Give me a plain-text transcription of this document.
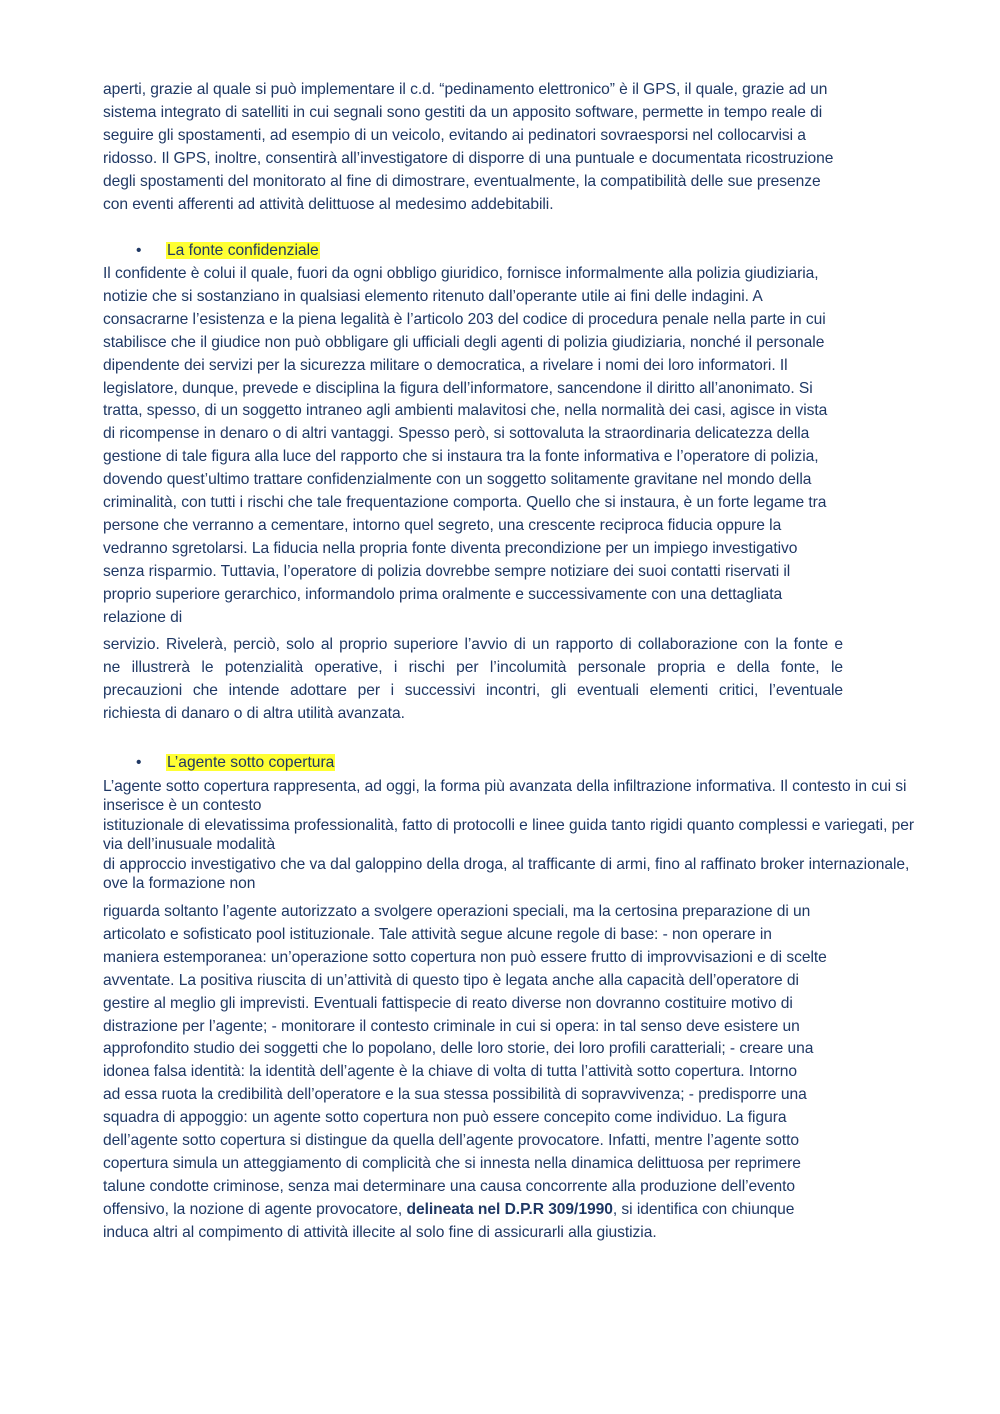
aperti, grazie al quale si può implementare il c.d. “pedinamento elettronico” è il GPS, il quale, grazie ad un
sistema integrato di satelliti in cui segnali sono gestiti da un apposito software, permette in tempo reale di
seguire gli spostamenti, ad esempio di un veicolo, evitando ai pedinatori sovraesporsi nel collocarvisi a
ridosso. Il GPS, inoltre, consentirà all’investigatore di disporre di una puntuale e documentata ricostruzione
degli spostamenti del monitorato al fine di dimostrare, eventualmente, la compatibilità delle sue presenze
con eventi afferenti ad attività delittuose al medesimo addebitabili.
• La fonte confidenziale
Il confidente è colui il quale, fuori da ogni obbligo giuridico, fornisce informalmente alla polizia giudiziaria,
notizie che si sostanziano in qualsiasi elemento ritenuto dall’operante utile ai fini delle indagini. A
consacrarne l’esistenza e la piena legalità è l’articolo 203 del codice di procedura penale nella parte in cui
stabilisce che il giudice non può obbligare gli ufficiali degli agenti di polizia giudiziaria, nonché il personale
dipendente dei servizi per la sicurezza militare o democratica, a rivelare i nomi dei loro informatori. Il
legislatore, dunque, prevede e disciplina la figura dell’informatore, sancendone il diritto all’anonimato. Si
tratta, spesso, di un soggetto intraneo agli ambienti malavitosi che, nella normalità dei casi, agisce in vista
di ricompense in denaro o di altri vantaggi. Spesso però, si sottovaluta la straordinaria delicatezza della
gestione di tale figura alla luce del rapporto che si instaura tra la fonte informativa e l’operatore di polizia,
dovendo quest’ultimo trattare confidenzialmente con un soggetto solitamente gravitane nel mondo della
criminalità, con tutti i rischi che tale frequentazione comporta. Quello che si instaura, è un forte legame tra
persone che verranno a cementare, intorno quel segreto, una crescente reciproca fiducia oppure la
vedranno sgretolarsi. La fiducia nella propria fonte diventa precondizione per un impiego investigativo
senza risparmio. Tuttavia, l’operatore di polizia dovrebbe sempre notiziare dei suoi contatti riservati il
proprio superiore gerarchico, informandolo prima oralmente e successivamente con una dettagliata
relazione di
servizio. Rivelerà, perciò, solo al proprio superiore l’avvio di un rapporto di collaborazione con la fonte e
ne illustrerà le potenzialità operative, i rischi per l’incolumità personale propria e della fonte, le
precauzioni che intende adottare per i successivi incontri, gli eventuali elementi critici, l’eventuale
richiesta di danaro o di altra utilità avanzata.
• L’agente sotto copertura
L’agente sotto copertura rappresenta, ad oggi, la forma più avanzata della infiltrazione informativa. Il contesto in cui si inserisce è un contesto
istituzionale di elevatissima professionalità, fatto di protocolli e linee guida tanto rigidi quanto complessi e variegati, per via dell’inusuale modalità
di approccio investigativo che va dal galoppino della droga, al trafficante di armi, fino al raffinato broker internazionale, ove la formazione non
riguarda soltanto l’agente autorizzato a svolgere operazioni speciali, ma la certosina preparazione di un
articolato e sofisticato pool istituzionale. Tale attività segue alcune regole di base: - non operare in
maniera estemporanea: un’operazione sotto copertura non può essere frutto di improvvisazioni e di scelte
avventate. La positiva riuscita di un’attività di questo tipo è legata anche alla capacità dell’operatore di
gestire al meglio gli imprevisti. Eventuali fattispecie di reato diverse non dovranno costituire motivo di
distrazione per l’agente; - monitorare il contesto criminale in cui si opera: in tal senso deve esistere un
approfondito studio dei soggetti che lo popolano, delle loro storie, dei loro profili caratteriali; - creare una
idonea falsa identità: la identità dell’agente è la chiave di volta di tutta l’attività sotto copertura. Intorno
ad essa ruota la credibilità dell’operatore e la sua stessa possibilità di sopravvivenza; - predisporre una
squadra di appoggio: un agente sotto copertura non può essere concepito come individuo. La figura
dell’agente sotto copertura si distingue da quella dell’agente provocatore. Infatti, mentre l’agente sotto
copertura simula un atteggiamento di complicità che si innesta nella dinamica delittuosa per reprimere
talune condotte criminose, senza mai determinare una causa concorrente alla produzione dell’evento
offensivo, la nozione di agente provocatore, delineata nel D.P.R 309/1990, si identifica con chiunque
induca altri al compimento di attività illecite al solo fine di assicurarli alla giustizia.
